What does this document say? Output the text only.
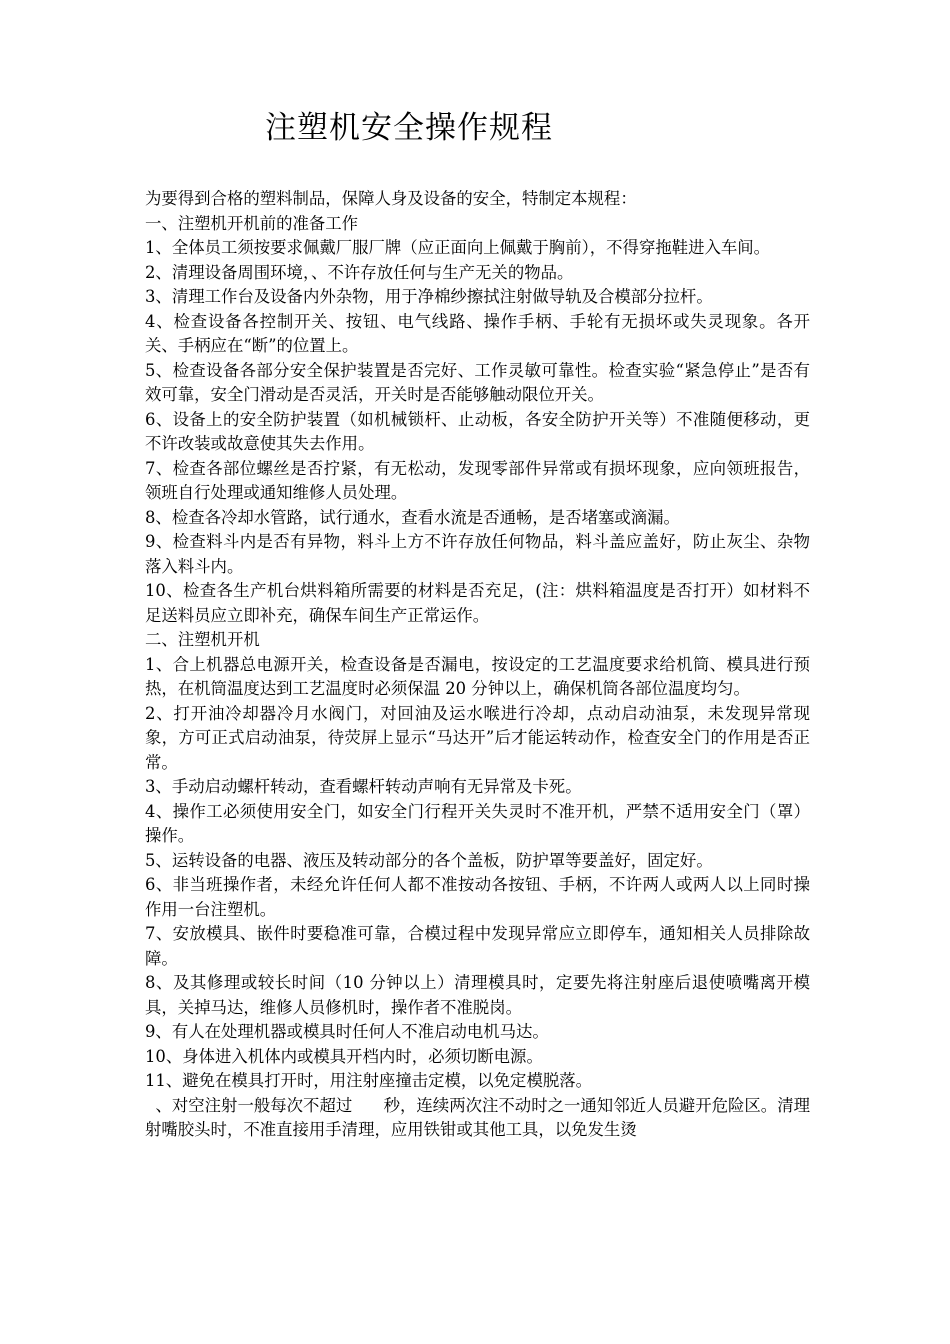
注塑机安全操作规程

为要得到合格的塑料制品，保障人身及设备的安全，特制定本规程：

一、注塑机开机前的准备工作

1、全体员工须按要求佩戴厂服厂牌（应正面向上佩戴于胸前），不得穿拖鞋进入车间。

2、清理设备周围环境，、不许存放任何与生产无关的物品。

3、清理工作台及设备内外杂物，用于净棉纱擦拭注射做导轨及合模部分拉杆。

4、检查设备各控制开关、按钮、电气线路、操作手柄、手轮有无损坏或失灵现象。各开关、手柄应在“断”的位置上。

5、检查设备各部分安全保护装置是否完好、工作灵敏可靠性。检查实验“紧急停止”是否有效可靠，安全门滑动是否灵活，开关时是否能够触动限位开关。

6、设备上的安全防护装置（如机械锁杆、止动板，各安全防护开关等）不准随便移动，更不许改装或故意使其失去作用。

7、检查各部位螺丝是否拧紧，有无松动，发现零部件异常或有损坏现象，应向领班报告，领班自行处理或通知维修人员处理。

8、检查各冷却水管路，试行通水，查看水流是否通畅，是否堵塞或滴漏。

9、检查料斗内是否有异物，料斗上方不许存放任何物品，料斗盖应盖好，防止灰尘、杂物落入料斗内。

10、检查各生产机台烘料箱所需要的材料是否充足，(注：烘料箱温度是否打开）如材料不足送料员应立即补充，确保车间生产正常运作。

二、注塑机开机

1、合上机器总电源开关，检查设备是否漏电，按设定的工艺温度要求给机筒、模具进行预热，在机筒温度达到工艺温度时必须保温 20 分钟以上，确保机筒各部位温度均匀。

2、打开油冷却器冷月水阀门，对回油及运水喉进行冷却，点动启动油泵，未发现异常现象，方可正式启动油泵，待荧屏上显示“马达开”后才能运转动作，检查安全门的作用是否正常。

3、手动启动螺杆转动，查看螺杆转动声响有无异常及卡死。

4、操作工必须使用安全门，如安全门行程开关失灵时不准开机，严禁不适用安全门（罩）操作。

5、运转设备的电器、液压及转动部分的各个盖板，防护罩等要盖好，固定好。

6、非当班操作者，未经允许任何人都不准按动各按钮、手柄，不许两人或两人以上同时操作用一台注塑机。

7、安放模具、嵌件时要稳准可靠，合模过程中发现异常应立即停车，通知相关人员排除故障。

8、及其修理或较长时间（10 分钟以上）清理模具时，定要先将注射座后退使喷嘴离开模具，关掉马达，维修人员修机时，操作者不准脱岗。

9、有人在处理机器或模具时任何人不准启动电机马达。

10、身体进入机体内或模具开档内时，必须切断电源。

11、避免在模具打开时，用注射座撞击定模，以免定模脱落。

、对空注射一般每次不超过      秒，连续两次注不动时之一通知邻近人员避开危险区。清理射嘴胶头时，不准直接用手清理，应用铁钳或其他工具，以免发生烫
